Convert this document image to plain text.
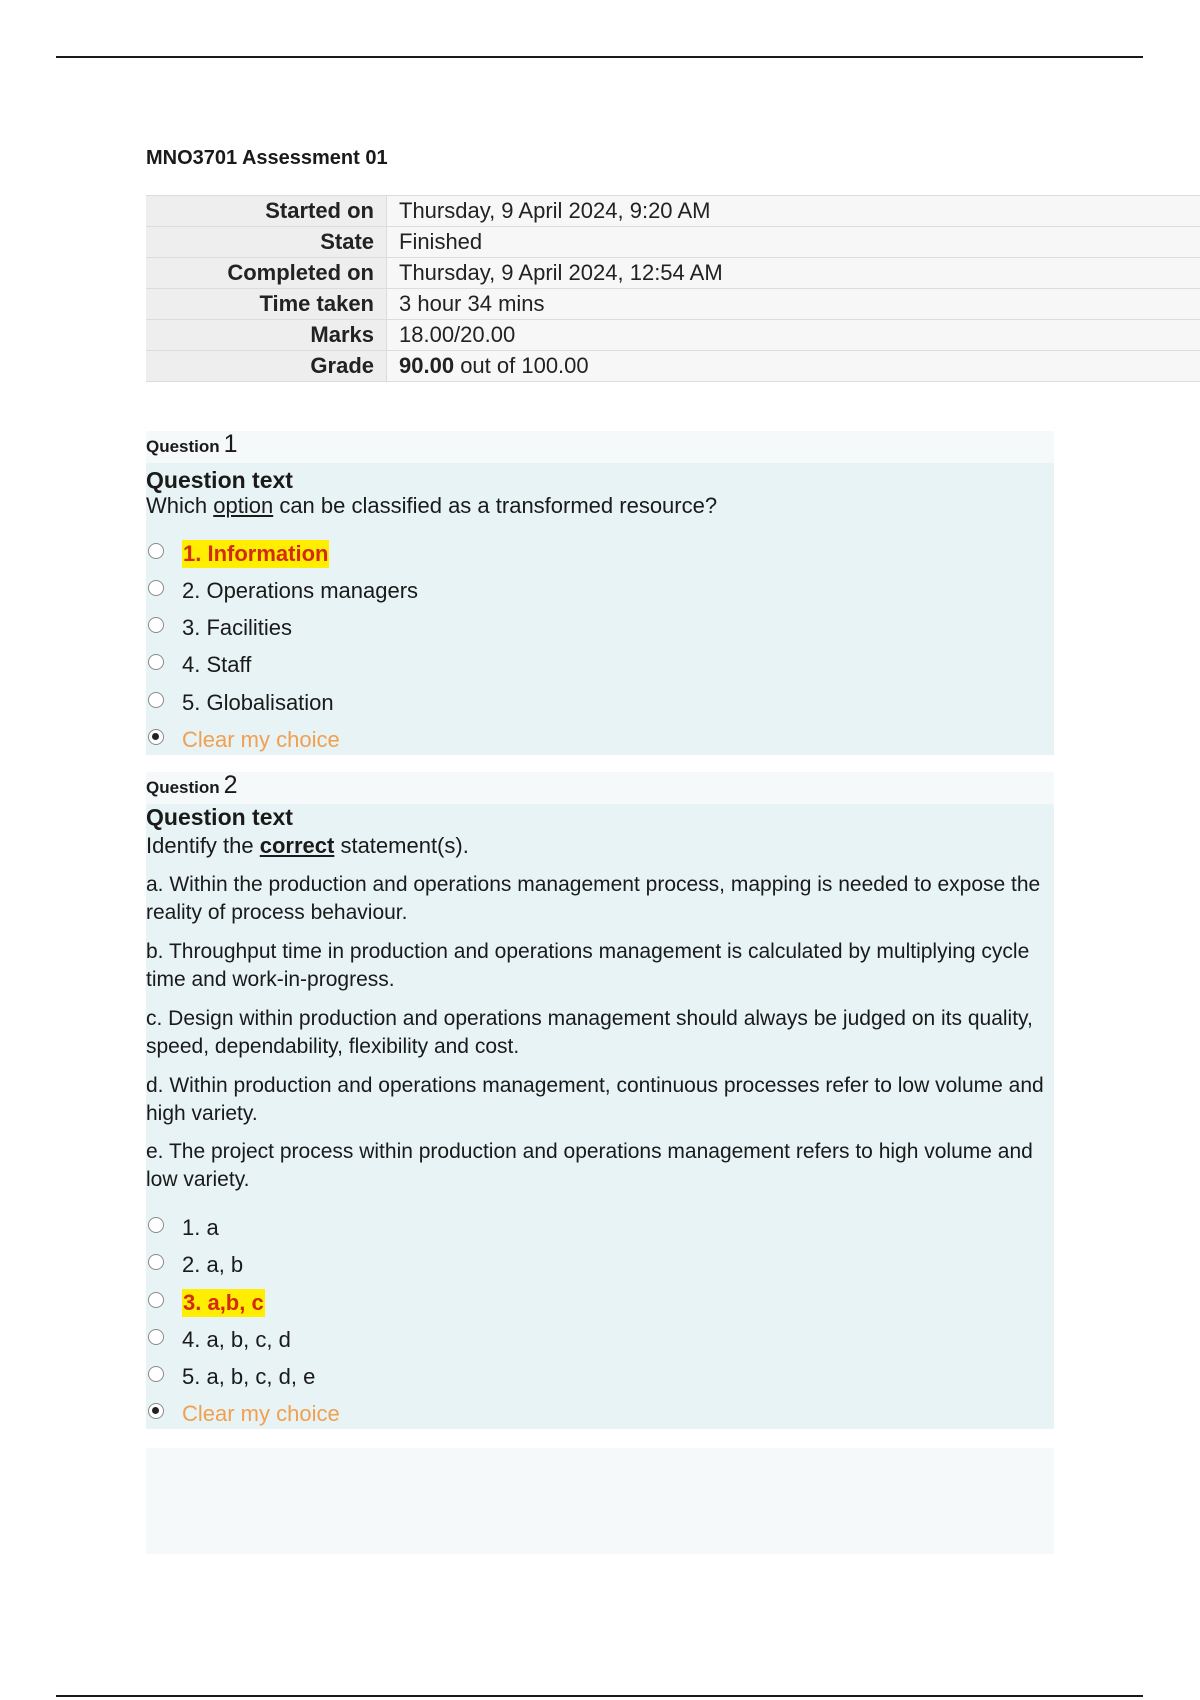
MNO3701 Assessment 01
Started on	Thursday, 9 April 2024, 9:20 AM
State	Finished
Completed on	Thursday, 9 April 2024, 12:54 AM
Time taken	3 hour 34 mins
Marks	18.00/20.00
Grade	90.00 out of 100.00
Question 1
Question text
Which option can be classified as a transformed resource?
1. Information
2. Operations managers
3. Facilities
4. Staff
5. Globalisation
Clear my choice
Question 2
Question text
Identify the correct statement(s).
a. Within the production and operations management process, mapping is needed to expose the reality of process behaviour.
b. Throughput time in production and operations management is calculated by multiplying cycle time and work-in-progress.
c. Design within production and operations management should always be judged on its quality, speed, dependability, flexibility and cost.
d. Within production and operations management, continuous processes refer to low volume and high variety.
e. The project process within production and operations management refers to high volume and low variety.
1. a
2. a, b
3. a,b, c
4. a, b, c, d
5. a, b, c, d, e
Clear my choice
